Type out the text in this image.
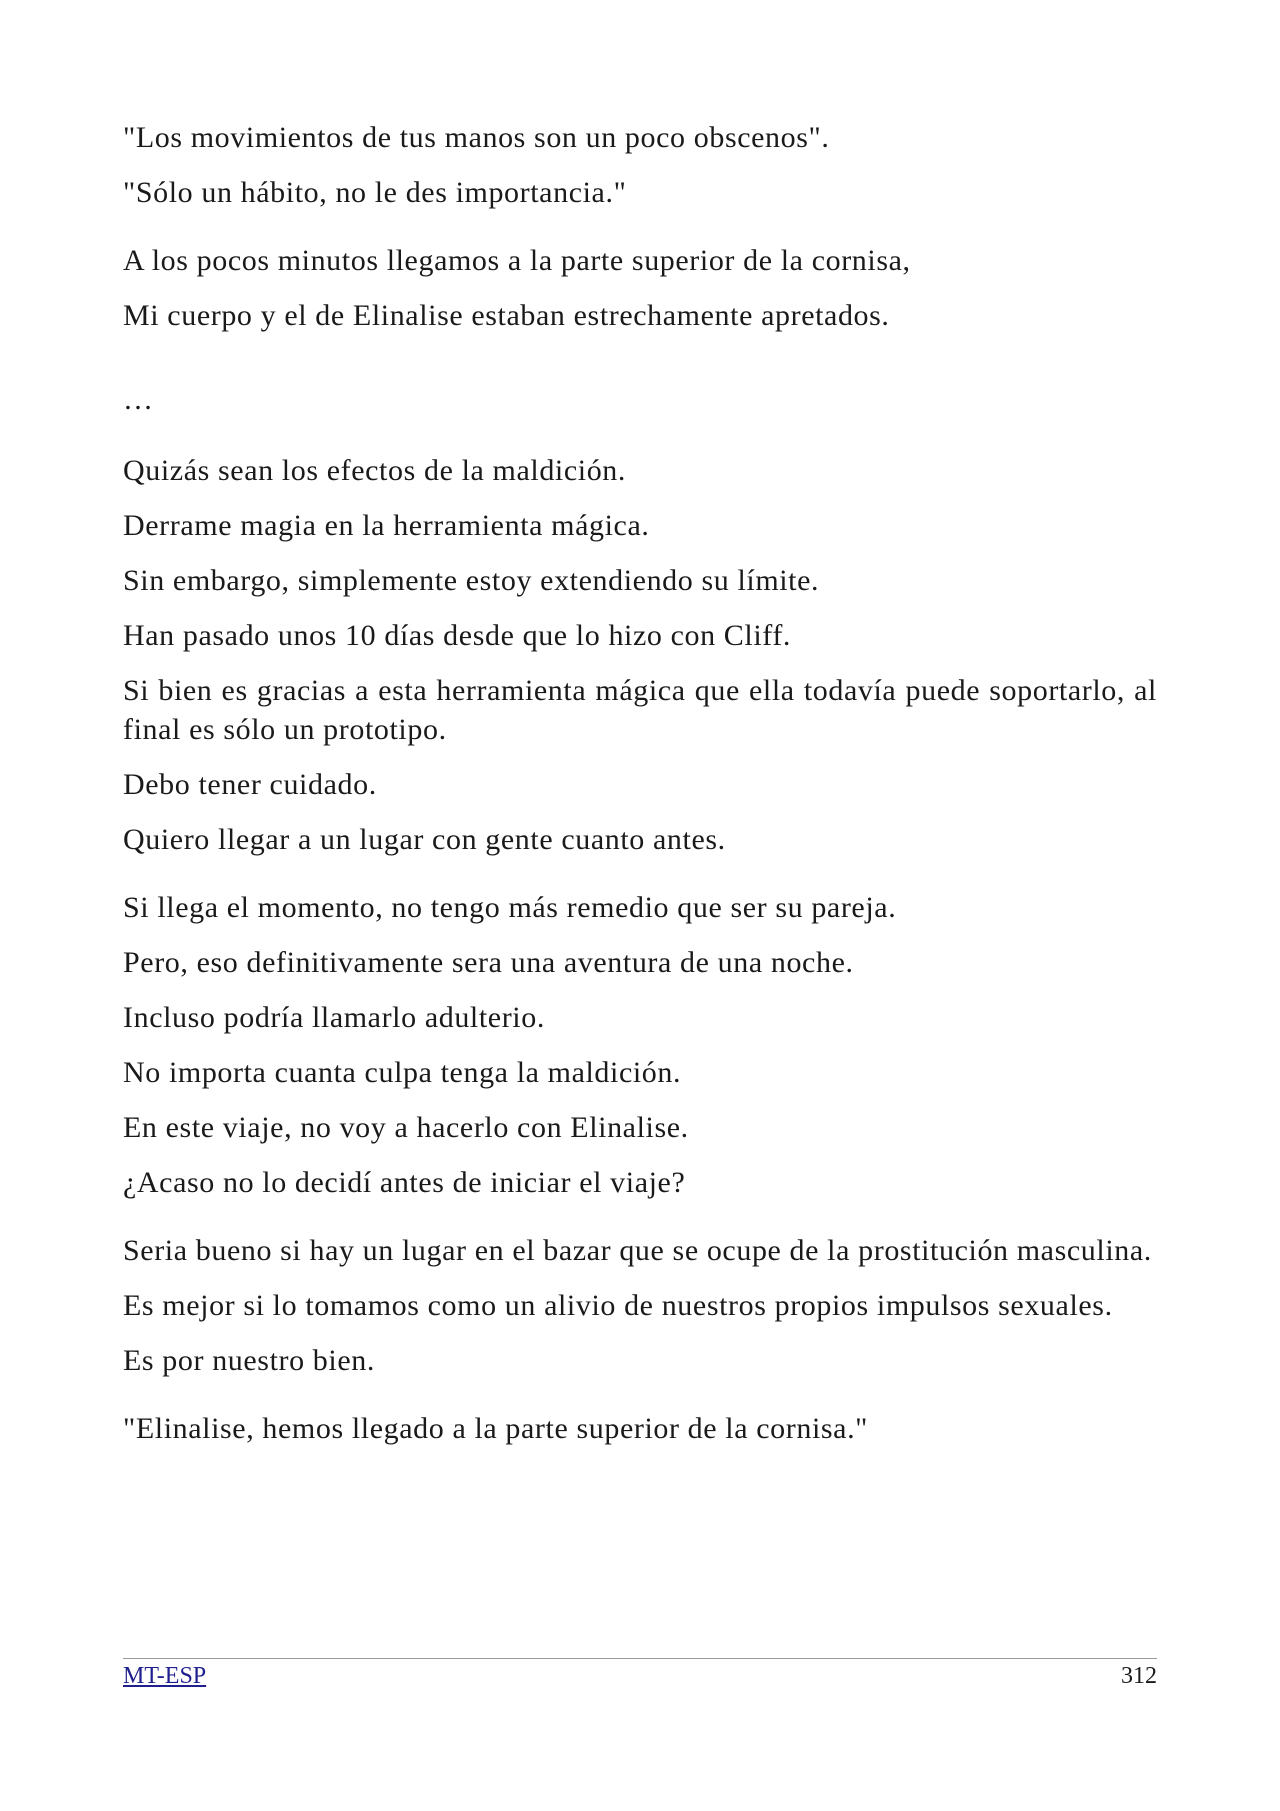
"Los movimientos de tus manos son un poco obscenos".

"Sólo un hábito, no le des importancia."

A los pocos minutos llegamos a la parte superior de la cornisa,

Mi cuerpo y el de Elinalise estaban estrechamente apretados.

…

Quizás sean los efectos de la maldición.

Derrame magia en la herramienta mágica.

Sin embargo, simplemente estoy extendiendo su límite.

Han pasado unos 10 días desde que lo hizo con Cliff.

Si bien es gracias a esta herramienta mágica que ella todavía puede soportarlo, al final es sólo un prototipo.

Debo tener cuidado.

Quiero llegar a un lugar con gente cuanto antes.

Si llega el momento, no tengo más remedio que ser su pareja.

Pero, eso definitivamente sera una aventura de una noche.

Incluso podría llamarlo adulterio.

No importa cuanta culpa tenga la maldición.

En este viaje, no voy a hacerlo con Elinalise.

¿Acaso no lo decidí antes de iniciar el viaje?

Seria bueno si hay un lugar en el bazar que se ocupe de la prostitución masculina.

Es mejor si lo tomamos como un alivio de nuestros propios impulsos sexuales.

Es por nuestro bien.

"Elinalise, hemos llegado a la parte superior de la cornisa."

MT-ESP	312
